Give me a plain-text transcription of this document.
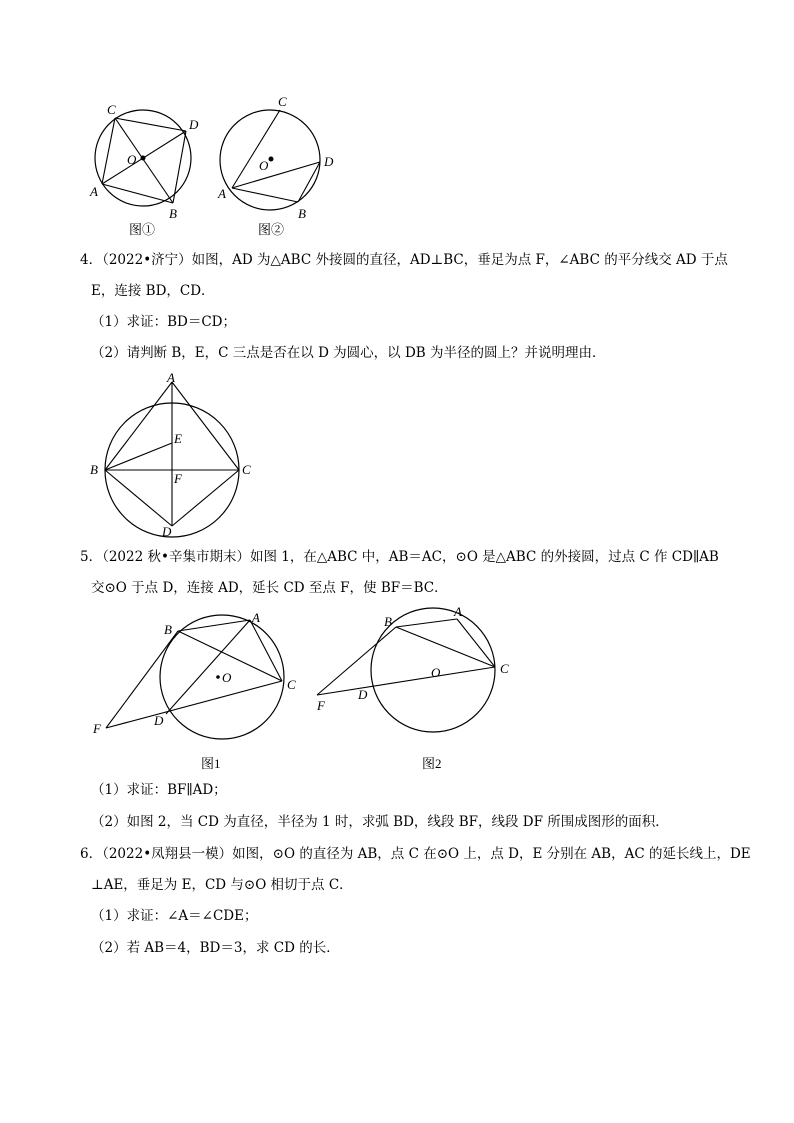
C
D
O
A
B
图①
C
O	D
A
B
图②
4．（2022•济宁）如图，AD 为△ABC 外接圆的直径，AD⊥BC，垂足为点 F，∠ABC 的平分线交 AD 于点
E，连接 BD，CD．
（1）求证：BD＝CD；
（2）请判断 B，E，C 三点是否在以 D 为圆心，以 DB 为半径的圆上？并说明理由．
A
E
B
F
C
D
5．（2022 秋•辛集市期末）如图 1，在△ABC 中，AB＝AC，⊙O 是△ABC 的外接圆，过点 C 作 CD∥AB
交⊙O 于点 D，连接 AD，延长 CD 至点 F，使 BF＝BC．
B
A
O	C
D
F
图1
B
A
O	C
D
F
图2
（1）求证：BF∥AD；
（2）如图 2，当 CD 为直径，半径为 1 时，求弧 BD，线段 BF，线段 DF 所围成图形的面积．
6．（2022•凤翔县一模）如图，⊙O 的直径为 AB，点 C 在⊙O 上，点 D，E 分别在 AB，AC 的延长线上，DE
⊥AE，垂足为 E，CD 与⊙O 相切于点 C．
（1）求证：∠A＝∠CDE；
（2）若 AB＝4，BD＝3，求 CD 的长．
